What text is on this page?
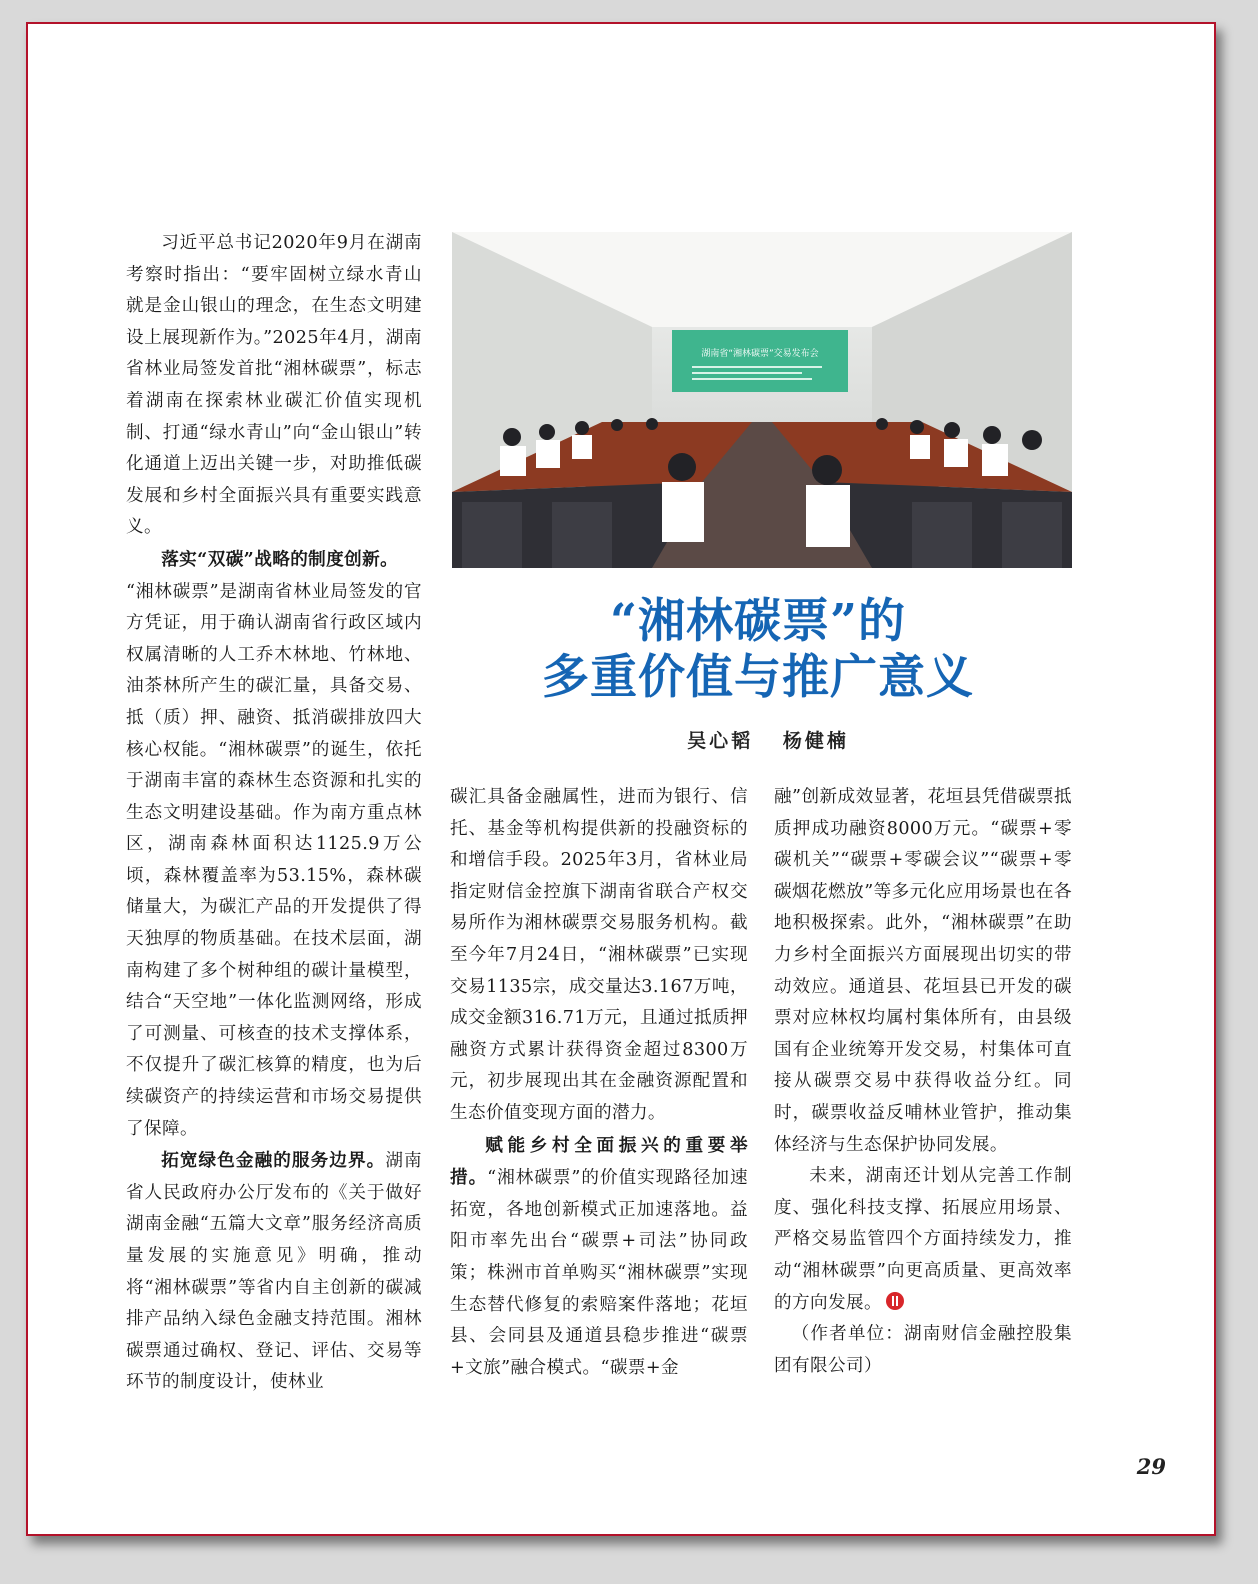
习近平总书记2020年9月在湖南考察时指出：“要牢固树立绿水青山就是金山银山的理念，在生态文明建设上展现新作为。”2025年4月，湖南省林业局签发首批“湘林碳票”，标志着湖南在探索林业碳汇价值实现机制、打通“绿水青山”向“金山银山”转化通道上迈出关键一步，对助推低碳发展和乡村全面振兴具有重要实践意义。

落实“双碳”战略的制度创新。
“湘林碳票”是湖南省林业局签发的官方凭证，用于确认湖南省行政区域内权属清晰的人工乔木林地、竹林地、油茶林所产生的碳汇量，具备交易、抵（质）押、融资、抵消碳排放四大核心权能。“湘林碳票”的诞生，依托于湖南丰富的森林生态资源和扎实的生态文明建设基础。作为南方重点林区，湖南森林面积达1125.9万公顷，森林覆盖率为53.15%，森林碳储量大，为碳汇产品的开发提供了得天独厚的物质基础。在技术层面，湖南构建了多个树种组的碳计量模型，结合“天空地”一体化监测网络，形成了可测量、可核查的技术支撑体系，不仅提升了碳汇核算的精度，也为后续碳资产的持续运营和市场交易提供了保障。

拓宽绿色金融的服务边界。湖南省人民政府办公厅发布的《关于做好湖南金融“五篇大文章”服务经济高质量发展的实施意见》明确，推动将“湘林碳票”等省内自主创新的碳减排产品纳入绿色金融支持范围。湘林碳票通过确权、登记、评估、交易等环节的制度设计，使林业

湖南省“湘林碳票”交易发布会
“湘林碳票”的
多重价值与推广意义
吴心韬 杨健楠

碳汇具备金融属性，进而为银行、信托、基金等机构提供新的投融资标的和增信手段。2025年3月，省林业局指定财信金控旗下湖南省联合产权交易所作为湘林碳票交易服务机构。截至今年7月24日，“湘林碳票”已实现交易1135宗，成交量达3.167万吨，成交金额316.71万元，且通过抵质押融资方式累计获得资金超过8300万元，初步展现出其在金融资源配置和生态价值变现方面的潜力。

赋能乡村全面振兴的重要举措。“湘林碳票”的价值实现路径加速拓宽，各地创新模式正加速落地。益阳市率先出台“碳票+司法”协同政策；株洲市首单购买“湘林碳票”实现生态替代修复的索赔案件落地；花垣县、会同县及通道县稳步推进“碳票+文旅”融合模式。“碳票+金

融”创新成效显著，花垣县凭借碳票抵质押成功融资8000万元。“碳票+零碳机关”“碳票+零碳会议”“碳票+零碳烟花燃放”等多元化应用场景也在各地积极探索。此外，“湘林碳票”在助力乡村全面振兴方面展现出切实的带动效应。通道县、花垣县已开发的碳票对应林权均属村集体所有，由县级国有企业统筹开发交易，村集体可直接从碳票交易中获得收益分红。同时，碳票收益反哺林业管护，推动集体经济与生态保护协同发展。

未来，湖南还计划从完善工作制度、强化科技支撑、拓展应用场景、严格交易监管四个方面持续发力，推动“湘林碳票”向更高质量、更高效率的方向发展。

（作者单位：湖南财信金融控股集团有限公司）

29
